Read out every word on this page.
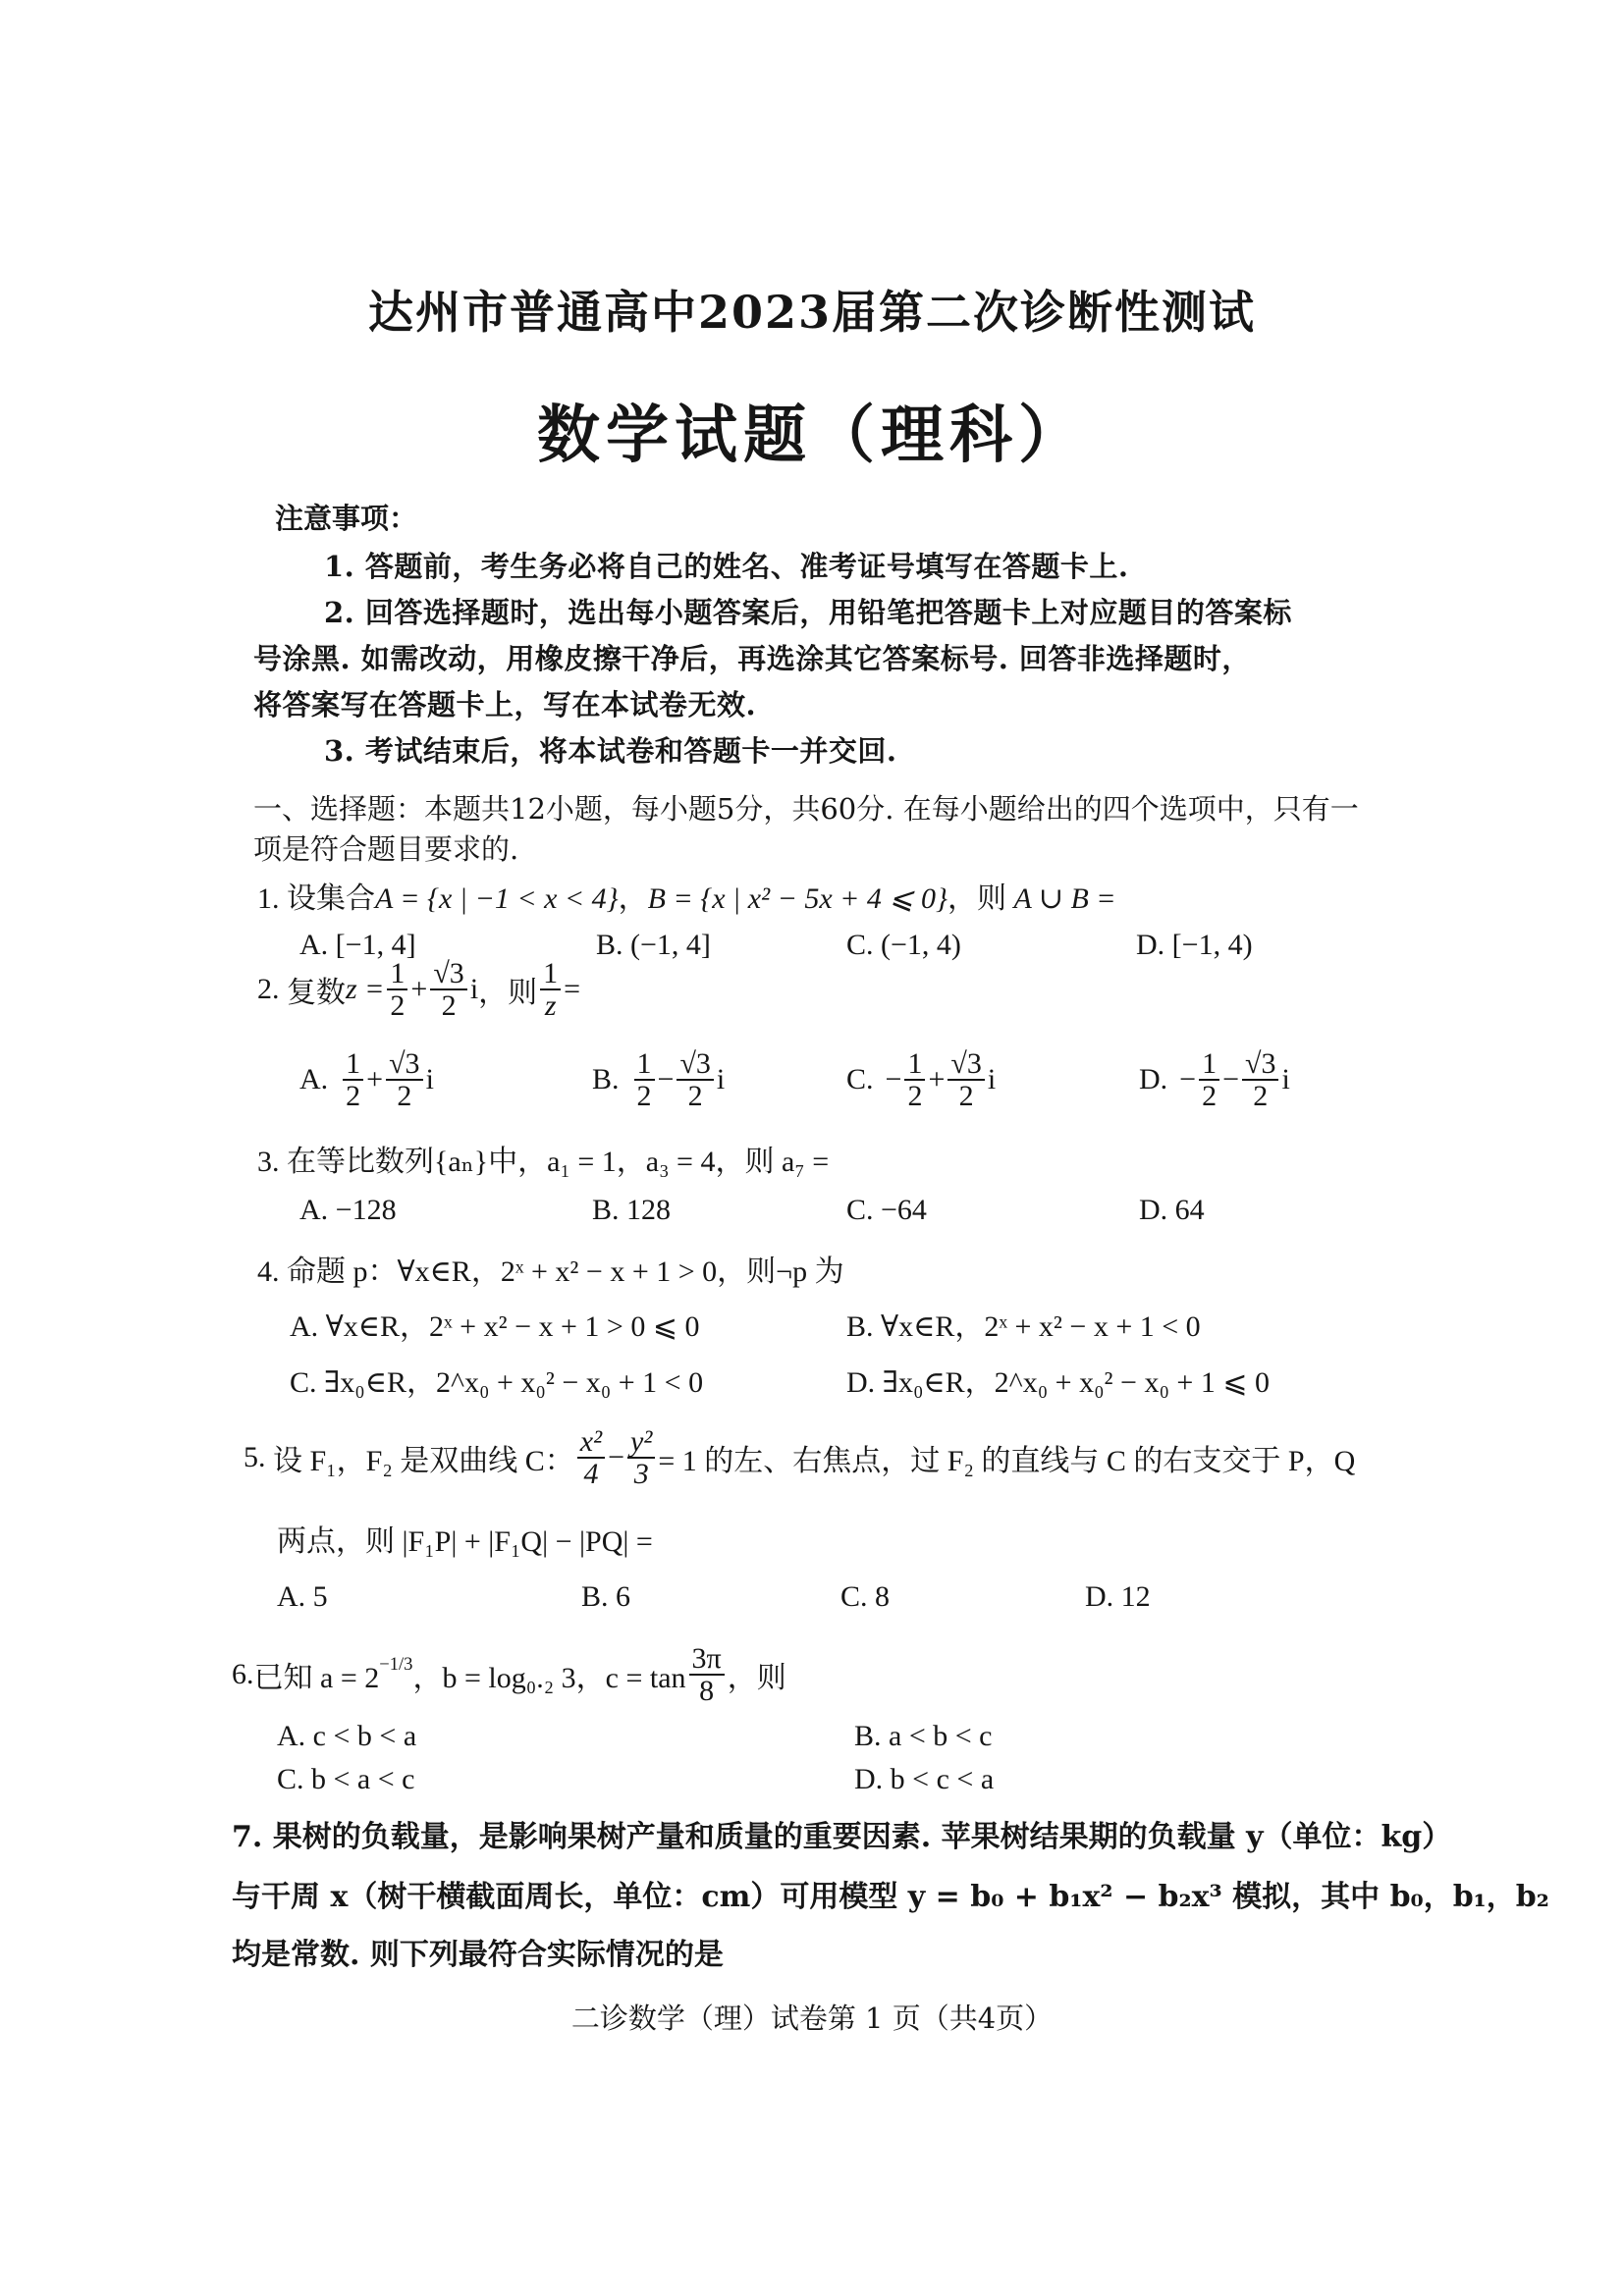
达州市普通高中2023届第二次诊断性测试
数学试题（理科）
注意事项：
1. 答题前，考生务必将自己的姓名、准考证号填写在答题卡上.
2. 回答选择题时，选出每小题答案后，用铅笔把答题卡上对应题目的答案标
号涂黑. 如需改动，用橡皮擦干净后，再选涂其它答案标号. 回答非选择题时，
将答案写在答题卡上，写在本试卷无效.
3. 考试结束后，将本试卷和答题卡一并交回.
一、选择题：本题共12小题，每小题5分，共60分. 在每小题给出的四个选项中，只有一
项是符合题目要求的.
1. 设集合A = {x | −1 < x < 4}，B = {x | x² − 5x + 4 ⩽ 0}，则 A ∪ B =
A. [−1, 4]	B. (−1, 4]	C. (−1, 4)	D. [−1, 4)
2.
复数 $z = \frac{1}{2} + \frac{√3}{2}$ i ，则 $\frac{1}{z}$ =
A. $\frac{1}{2} + \frac{√3}{2}$ i	B. $\frac{1}{2} - \frac{√3}{2}$ i	C. − $\frac{1}{2} + \frac{√3}{2}$ i	D. − $\frac{1}{2} - \frac{√3}{2}$ i
3. 在等比数列{aₙ}中，a₁ = 1，a₃ = 4，则 a₇ =
A. −128	B. 128	C. −64	D. 64
4. 命题 p：∀x∈R，2ˣ + x² − x + 1 > 0，则¬p 为
A. ∀x∈R，2ˣ + x² − x + 1 > 0 ⩽ 0	B. ∀x∈R，2ˣ + x² − x + 1 < 0
C. ∃x₀∈R，2^x₀ + x₀² − x₀ + 1 < 0	D. ∃x₀∈R，2^x₀ + x₀² − x₀ + 1 ⩽ 0
5.
设 F₁，F₂ 是双曲线 C： $\frac{\text{x²}}{4} - \frac{\text{y²}}{3} = 1$ 的左、右焦点，过 F₂ 的直线与 C 的右支交于 P，Q
两点，则 |F₁P| + |F₁Q| − |PQ| =
A. 5	B. 6	C. 8	D. 12
6. 已知 $a = 2^{-1/3}$ ，b = log₀.₂ 3，$c = \tan \frac{3\pi}{8}$ ，则
A. c < b < a	B. a < b < c
C. b < a < c	D. b < c < a
7. 果树的负载量，是影响果树产量和质量的重要因素. 苹果树结果期的负载量 y（单位：kg）
与干周 x（树干横截面周长，单位：cm）可用模型 y = b₀ + b₁x² − b₂x³ 模拟，其中 b₀，b₁，b₂
均是常数. 则下列最符合实际情况的是
二诊数学（理）试卷第 1 页（共4页）
